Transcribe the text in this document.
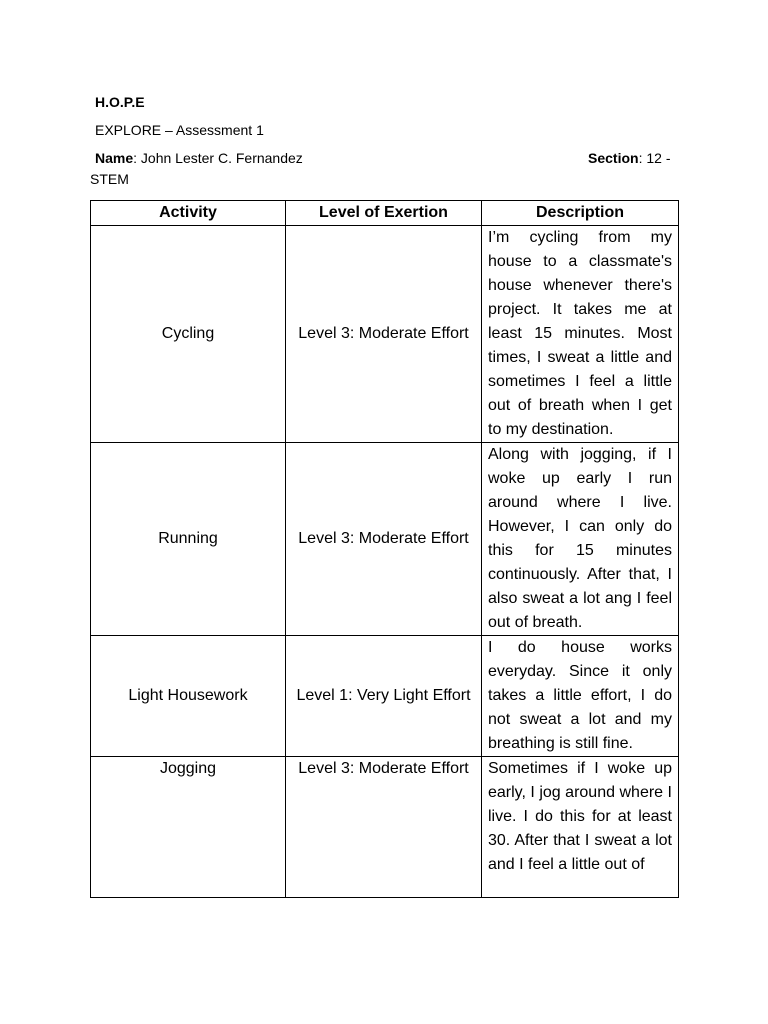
H.O.P.E
EXPLORE – Assessment 1
Name: John Lester C. Fernandez	Section: 12 -
STEM
Activity	Level of Exertion	Description
Cycling	Level 3: Moderate Effort	I’m cycling from my house to a classmate's house whenever there's project. It takes me at least 15 minutes. Most times, I sweat a little and sometimes I feel a little out of breath when I get to my destination.
Running	Level 3: Moderate Effort	Along with jogging, if I woke up early I run around where I live. However, I can only do this for 15 minutes continuously. After that, I also sweat a lot ang I feel out of breath.
Light Housework	Level 1: Very Light Effort	I do house works everyday. Since it only takes a little effort, I do not sweat a lot and my breathing is still fine.
Jogging	Level 3: Moderate Effort	Sometimes if I woke up early, I jog around where I live. I do this for at least 30. After that I sweat a lot and I feel a little out of
